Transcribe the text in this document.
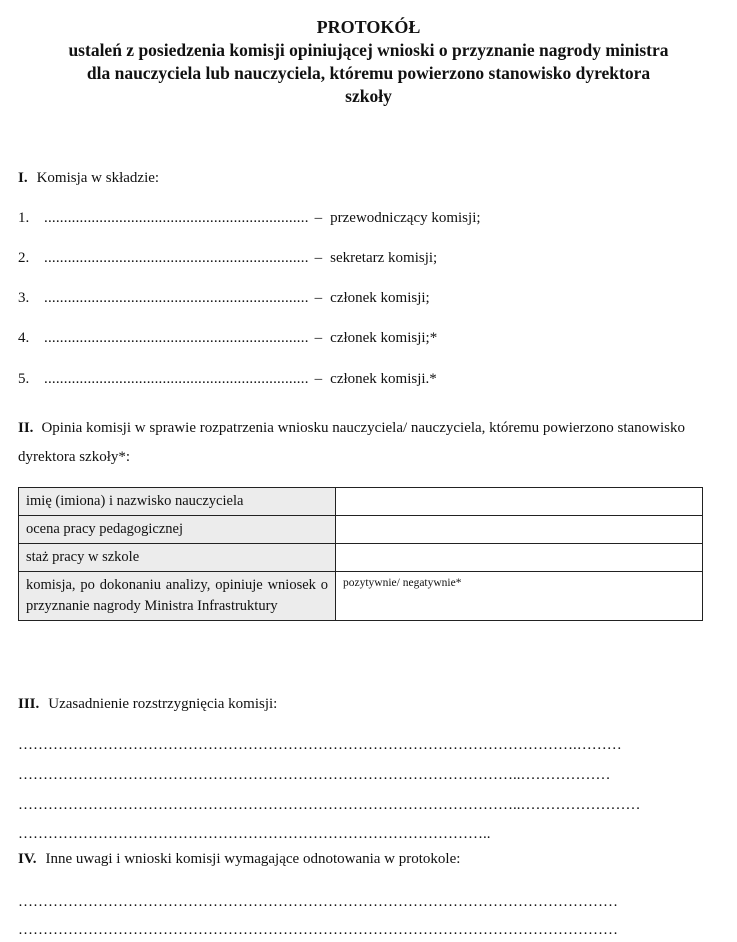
PROTOKÓŁ
ustaleń z posiedzenia komisji opiniującej wnioski o przyznanie nagrody ministra
dla nauczyciela lub nauczyciela, któremu powierzono stanowisko dyrektora
szkoły
I. Komisja w składzie:
1. ................................................................... – przewodniczący komisji;
2. ................................................................... – sekretarz komisji;
3. ................................................................... – członek komisji;
4. ................................................................... – członek komisji;*
5. ................................................................... – członek komisji.*
II. Opinia komisji w sprawie rozpatrzenia wniosku nauczyciela/ nauczyciela, któremu powierzono stanowisko dyrektora szkoły*:
imię (imiona) i nazwisko nauczyciela	
ocena pracy pedagogicznej	
staż pracy w szkole	
komisja, po dokonaniu analizy, opiniuje wniosek o przyznanie nagrody Ministra Infrastruktury	pozytywnie/ negatywnie*
III. Uzasadnienie rozstrzygnięcia komisji:
………………………………………………………………………………………………….………
………………………………………………………………………………………..………………
………………………………………………………………………………………..……………………
…………………………………………………………………………………..
IV. Inne uwagi i wnioski komisji wymagające odnotowania w protokole:
…………………………………………………………………………………………………………
…………………………………………………………………………………………………………
